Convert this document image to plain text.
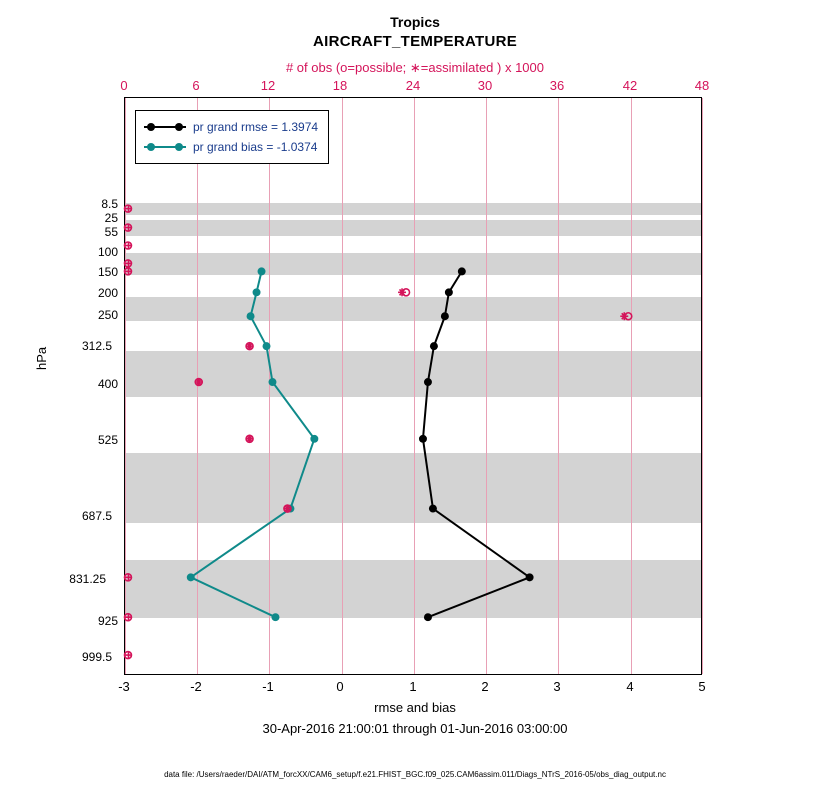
Tropics
AIRCRAFT_TEMPERATURE
# of obs (o=possible; ∗=assimilated ) x 1000
0	6	12	18	24	30	36	42	48
-3	-2	-1	0	1	2	3	4	5
hPa
8.5
25
55
100
150
200
250
312.5
400
525
687.5
831.25
925
999.5
pr grand rmse = 1.3974
pr grand bias = -1.0374
rmse and bias
30-Apr-2016 21:00:01 through 01-Jun-2016 03:00:00
data file: /Users/raeder/DAI/ATM_forcXX/CAM6_setup/f.e21.FHIST_BGC.f09_025.CAM6assim.011/Diags_NTrS_2016-05/obs_diag_output.nc
